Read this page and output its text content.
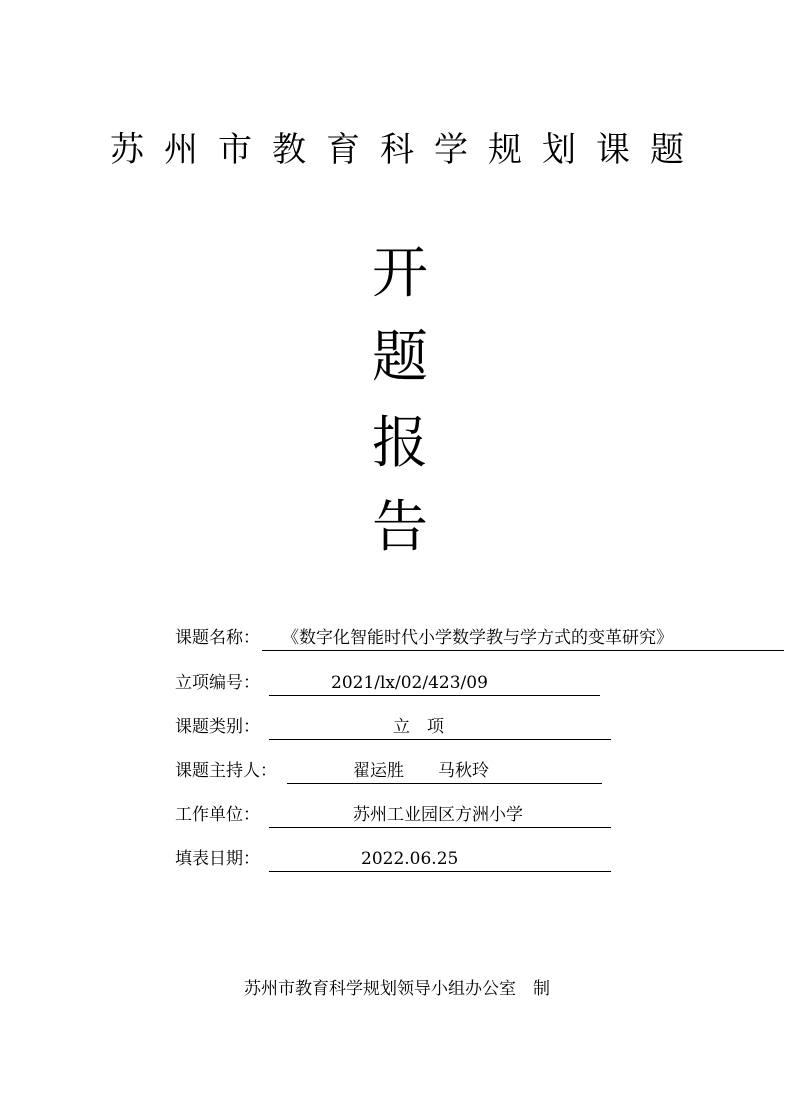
苏州市教育科学规划课题
开
题
报
告
课题名称： 《数字化智能时代小学数学教与学方式的变革研究》
立项编号：	2021/lx/02/423/09
课题类别：	立　项
课题主持人：	翟运胜　　马秋玲
工作单位：	苏州工业园区方洲小学
填表日期：	2022.06.25
苏州市教育科学规划领导小组办公室　制
